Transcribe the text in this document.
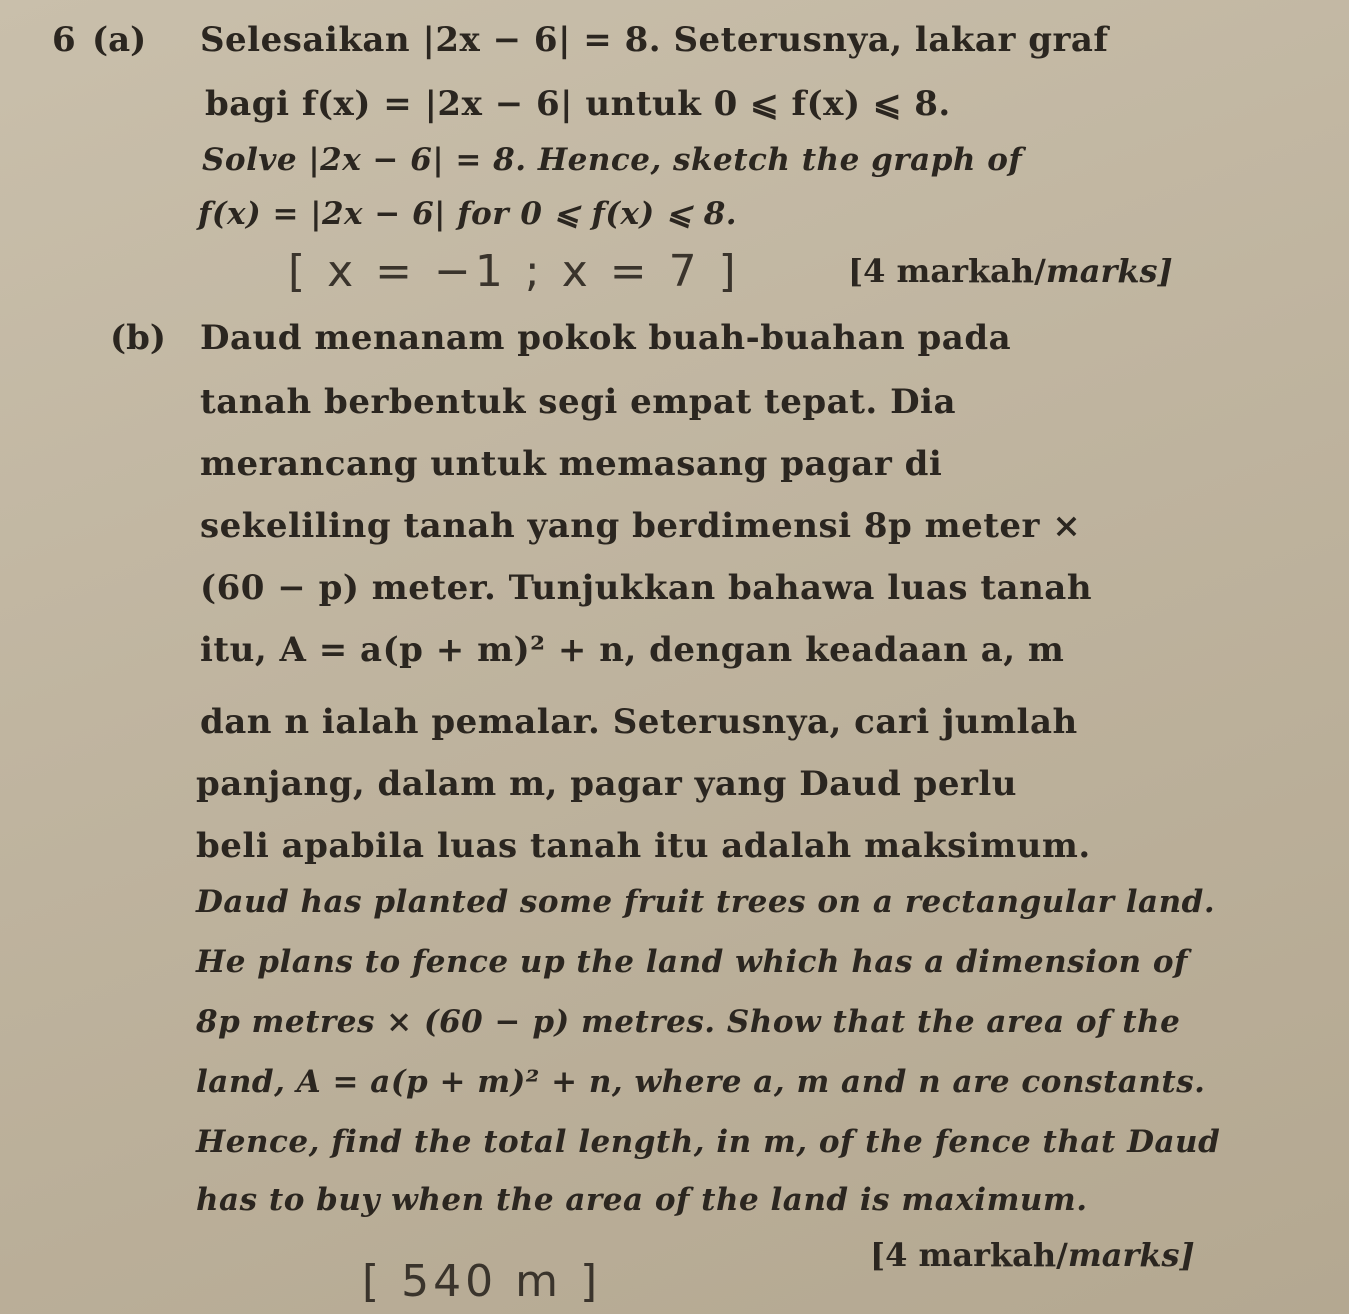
6 (a) Selesaikan |2x − 6| = 8. Seterusnya, lakar graf
bagi f(x) = |2x − 6| untuk 0 ⩽ f(x) ⩽ 8.
Solve |2x − 6| = 8. Hence, sketch the graph of
f(x) = |2x − 6| for 0 ⩽ f(x) ⩽ 8.
[ x = −1 ; x = 7 ]	[4 markah/marks]
(b) Daud menanam pokok buah-buahan pada
tanah berbentuk segi empat tepat. Dia
merancang untuk memasang pagar di
sekeliling tanah yang berdimensi 8p meter ×
(60 − p) meter. Tunjukkan bahawa luas tanah
itu, A = a(p + m)² + n, dengan keadaan a, m
dan n ialah pemalar. Seterusnya, cari jumlah
panjang, dalam m, pagar yang Daud perlu
beli apabila luas tanah itu adalah maksimum.
Daud has planted some fruit trees on a rectangular land.
He plans to fence up the land which has a dimension of
8p metres × (60 − p) metres. Show that the area of the
land, A = a(p + m)² + n, where a, m and n are constants.
Hence, find the total length, in m, of the fence that Daud
has to buy when the area of the land is maximum.
[ 540 m ]
[4 markah/marks]
